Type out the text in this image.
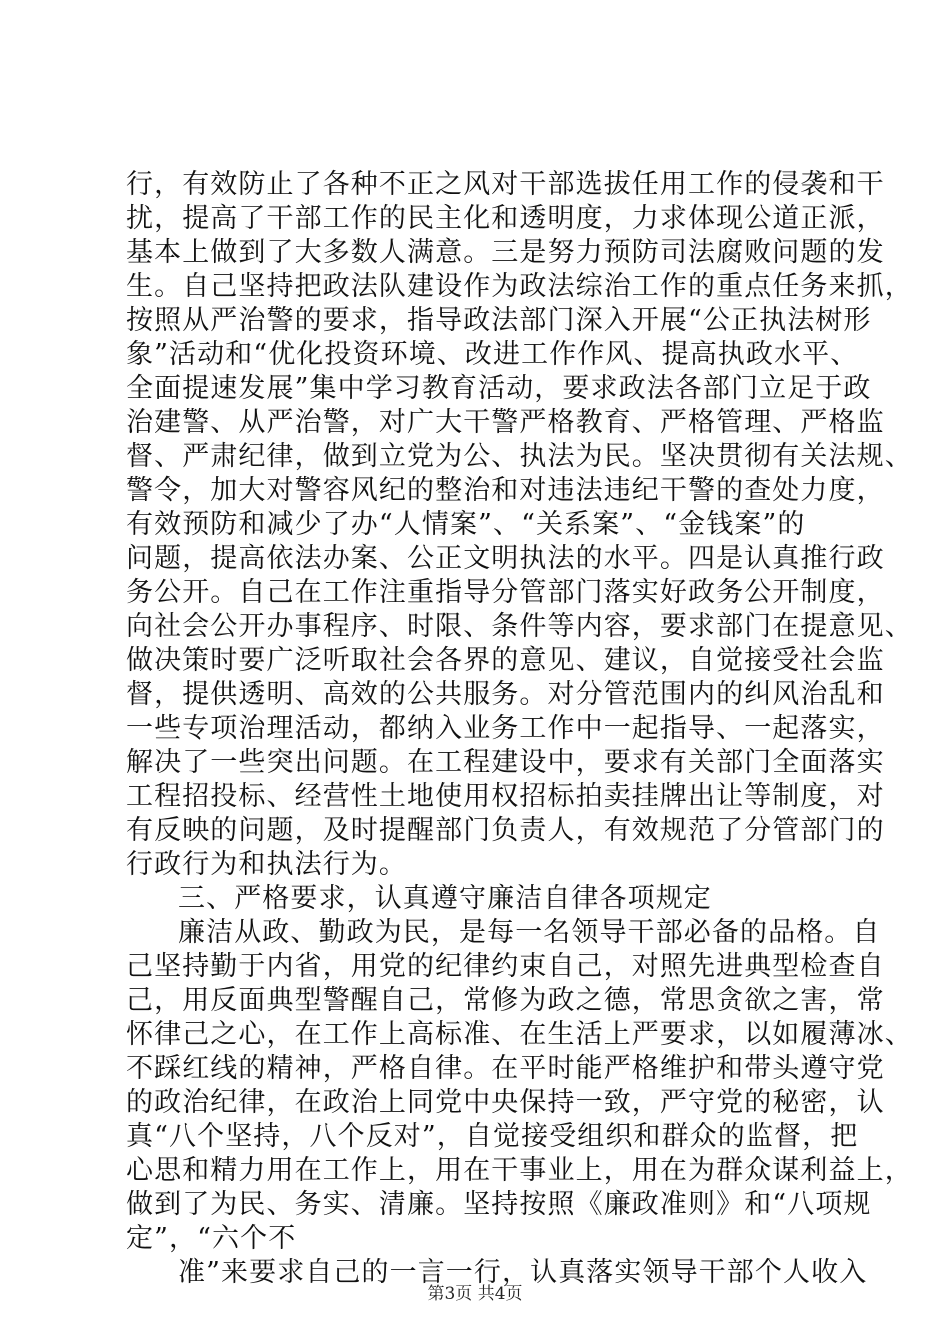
行，有效防止了各种不正之风对干部选拔任用工作的侵袭和干
扰，提高了干部工作的民主化和透明度，力求体现公道正派，
基本上做到了大多数人满意。三是努力预防司法腐败问题的发
生。自己坚持把政法队建设作为政法综治工作的重点任务来抓，
按照从严治警的要求，指导政法部门深入开展“公正执法树形
象”活动和“优化投资环境、改进工作作风、提高执政水平、
全面提速发展”集中学习教育活动，要求政法各部门立足于政
治建警、从严治警，对广大干警严格教育、严格管理、严格监
督、严肃纪律，做到立党为公、执法为民。坚决贯彻有关法规、
警令，加大对警容风纪的整治和对违法违纪干警的查处力度，
有效预防和减少了办“人情案”、“关系案”、“金钱案”的
问题，提高依法办案、公正文明执法的水平。四是认真推行政
务公开。自己在工作注重指导分管部门落实好政务公开制度，
向社会公开办事程序、时限、条件等内容，要求部门在提意见、
做决策时要广泛听取社会各界的意见、建议，自觉接受社会监
督，提供透明、高效的公共服务。对分管范围内的纠风治乱和
一些专项治理活动，都纳入业务工作中一起指导、一起落实，
解决了一些突出问题。在工程建设中，要求有关部门全面落实
工程招投标、经营性土地使用权招标拍卖挂牌出让等制度，对
有反映的问题，及时提醒部门负责人，有效规范了分管部门的
行政行为和执法行为。
三、严格要求，认真遵守廉洁自律各项规定
廉洁从政、勤政为民，是每一名领导干部必备的品格。自
己坚持勤于内省，用党的纪律约束自己，对照先进典型检查自
己，用反面典型警醒自己，常修为政之德，常思贪欲之害，常
怀律己之心，在工作上高标准、在生活上严要求，以如履薄冰、
不踩红线的精神，严格自律。在平时能严格维护和带头遵守党
的政治纪律，在政治上同党中央保持一致，严守党的秘密，认
真“八个坚持，八个反对”，自觉接受组织和群众的监督，把
心思和精力用在工作上，用在干事业上，用在为群众谋利益上，
做到了为民、务实、清廉。坚持按照《廉政准则》和“八项规
定”，“六个不
准”来要求自己的一言一行，认真落实领导干部个人收入
第3页 共4页
